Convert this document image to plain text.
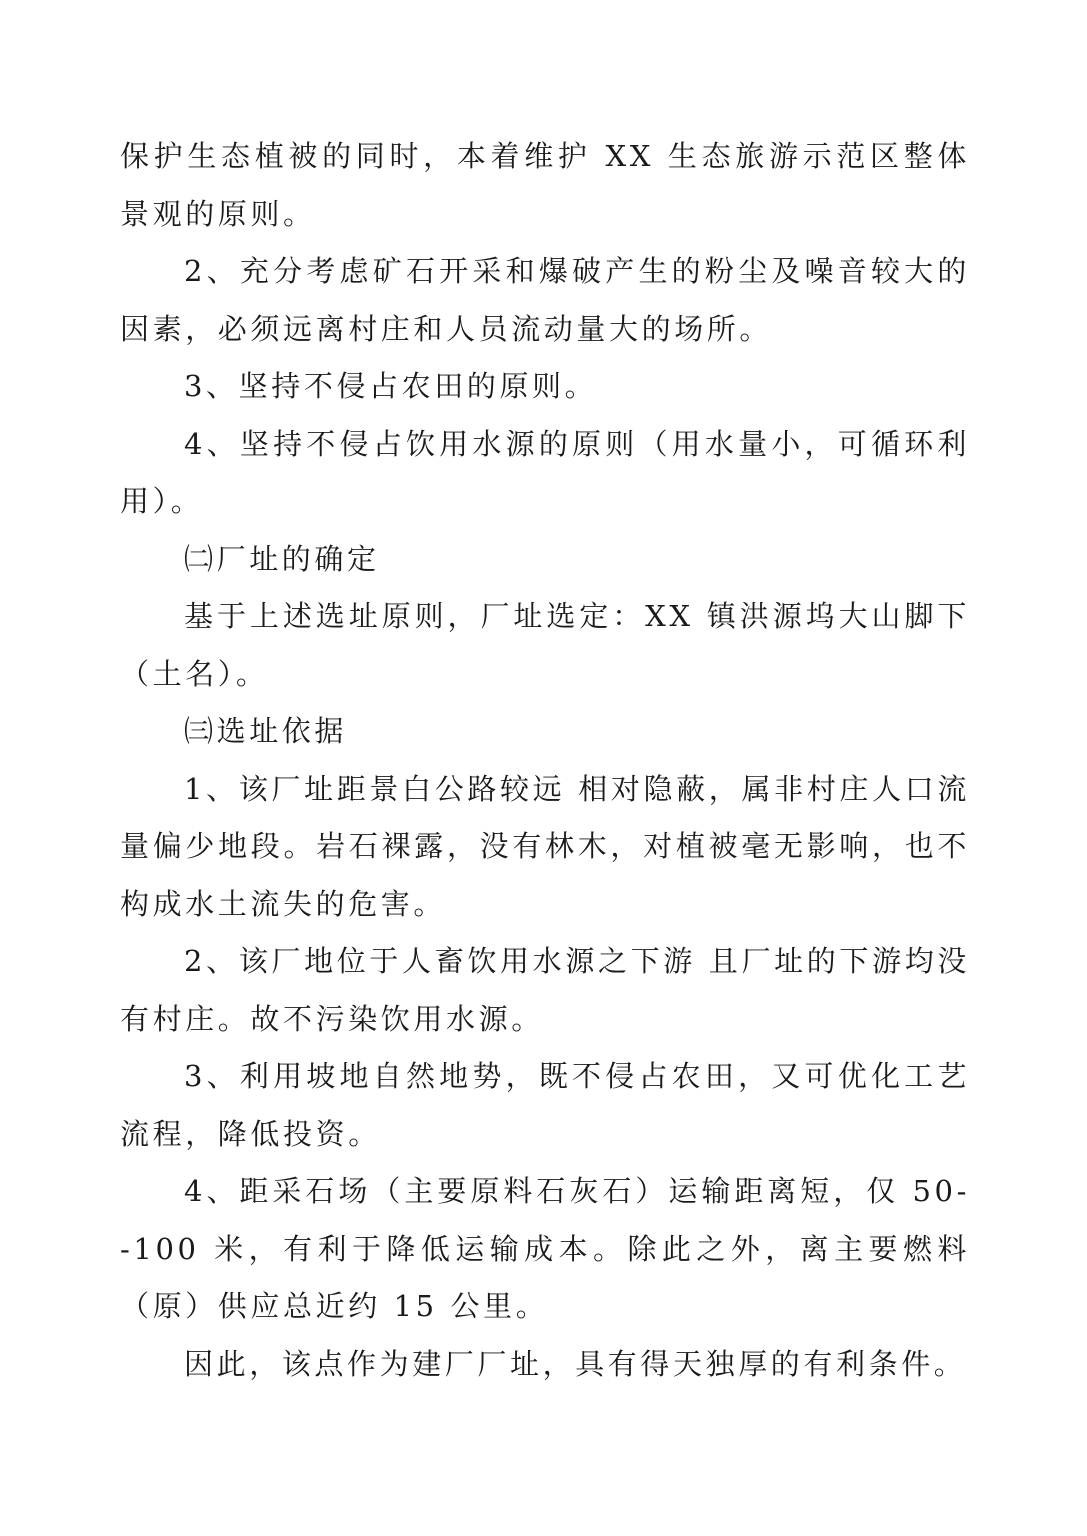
保护生态植被的同时，本着维护 XX 生态旅游示范区整体景观的原则。

2、充分考虑矿石开采和爆破产生的粉尘及噪音较大的因素，必须远离村庄和人员流动量大的场所。

3、坚持不侵占农田的原则。

4、坚持不侵占饮用水源的原则（用水量小，可循环利用）。

㈡厂址的确定

基于上述选址原则，厂址选定：XX 镇洪源坞大山脚下（土名）。

㈢选址依据

1、该厂址距景白公路较远 相对隐蔽，属非村庄人口流量偏少地段。岩石裸露，没有林木，对植被毫无影响，也不构成水土流失的危害。

2、该厂地位于人畜饮用水源之下游 且厂址的下游均没有村庄。故不污染饮用水源。

3、利用坡地自然地势，既不侵占农田，又可优化工艺流程，降低投资。

4、距采石场（主要原料石灰石）运输距离短，仅 50--100 米，有利于降低运输成本。除此之外，离主要燃料（原）供应总近约 15 公里。

因此，该点作为建厂厂址，具有得天独厚的有利条件。
